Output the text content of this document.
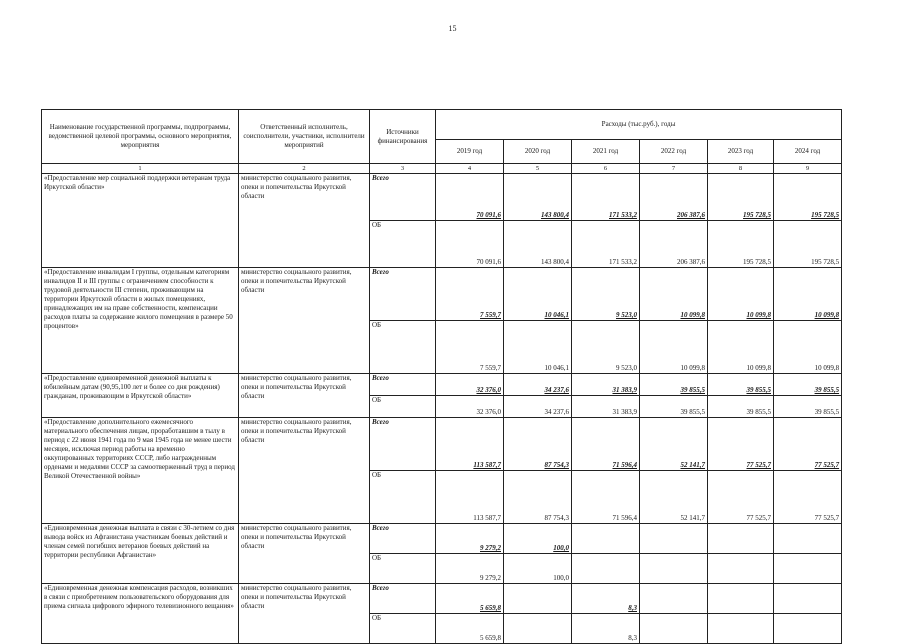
15
Наименование государственной программы, подпрограммы, ведомственной целевой программы, основного мероприятия, мероприятия	Ответственный исполнитель, соисполнители, участники, исполнители мероприятий	Источники финансирования	Расходы (тыс.руб.), годы					
			2019 год	2020 год	2021 год	2022 год	2023 год	2024 год
1	2	3	4	5	6	7	8	9
«Предоставление мер социальной поддержки ветеранам труда Иркутской области»	министерство социального развития, опеки и попечительства Иркутской области	Всего	70 091,6	143 800,4	171 533,2	206 387,6	195 728,5	195 728,5
		ОБ	70 091,6	143 800,4	171 533,2	206 387,6	195 728,5	195 728,5
«Предоставление инвалидам I группы, отдельным категориям инвалидов II и III группы с ограничением способности к трудовой деятельности III степени, проживающим на территории Иркутской области в жилых помещениях, принадлежащих им на праве собственности, компенсации расходов платы за содержание жилого помещения в размере 50 процентов»	министерство социального развития, опеки и попечительства Иркутской области	Всего	7 559,7	10 046,1	9 523,0	10 099,8	10 099,8	10 099,8
		ОБ	7 559,7	10 046,1	9 523,0	10 099,8	10 099,8	10 099,8
«Предоставление единовременной денежной выплаты к юбилейным датам (90,95,100 лет и более со дня рождения) гражданам, проживающим в Иркутской области»	министерство социального развития, опеки и попечительства Иркутской области	Всего	32 376,0	34 237,6	31 383,9	39 855,5	39 855,5	39 855,5
		ОБ	32 376,0	34 237,6	31 383,9	39 855,5	39 855,5	39 855,5
«Предоставление дополнительного ежемесячного материального обеспечения лицам, проработавшим в тылу в период с 22 июня 1941 года по 9 мая 1945 года не менее шести месяцев, исключая период работы на временно оккупированных территориях СССР, либо награжденным орденами и медалями СССР за самоотверженный труд в период Великой Отечественной войны»	министерство социального развития, опеки и попечительства Иркутской области	Всего	113 587,7	87 754,3	71 596,4	52 141,7	77 525,7	77 525,7
		ОБ	113 587,7	87 754,3	71 596,4	52 141,7	77 525,7	77 525,7
«Единовременная денежная выплата в связи с 30-летием со дня вывода войск из Афганистана участникам боевых действий и членам семей погибших ветеранов боевых действий на территории республики Афганистан»	министерство социального развития, опеки и попечительства Иркутской области	Всего	9 279,2	100,0				
		ОБ	9 279,2	100,0				
«Единовременная денежная компенсация расходов, возникших в связи с приобретением пользовательского оборудования для приема сигнала цифрового эфирного телевизионного вещания»	министерство социального развития, опеки и попечительства Иркутской области	Всего	5 659,8		8,3			
		ОБ	5 659,8		8,3			
